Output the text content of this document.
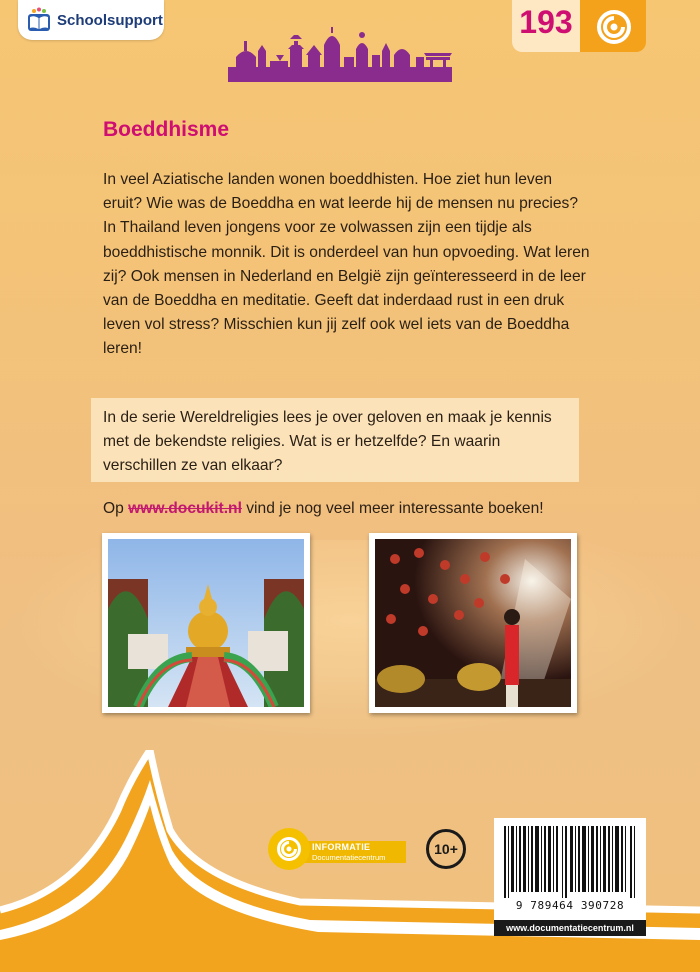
Schoolsupport	193
Boeddhisme

In veel Aziatische landen wonen boeddhisten. Hoe ziet hun leven eruit? Wie was de Boeddha en wat leerde hij de mensen nu precies?

In Thailand leven jongens voor ze volwassen zijn een tijdje als boeddhistische monnik. Dit is onderdeel van hun opvoeding. Wat leren zij? Ook mensen in Nederland en België zijn geïnteresseerd in de leer van de Boeddha en meditatie. Geeft dat inderdaad rust in een druk leven vol stress? Misschien kun jij zelf ook wel iets van de Boeddha leren!

In de serie Wereldreligies lees je over geloven en maak je kennis met de bekendste religies. Wat is er hetzelfde? En waarin verschillen ze van elkaar?
Op www.docukit.nl vind je nog veel meer interessante boeken!
INFORMATIE
Documentatiecentrum
10+
9 789464 390728
www.documentatiecentrum.nl
